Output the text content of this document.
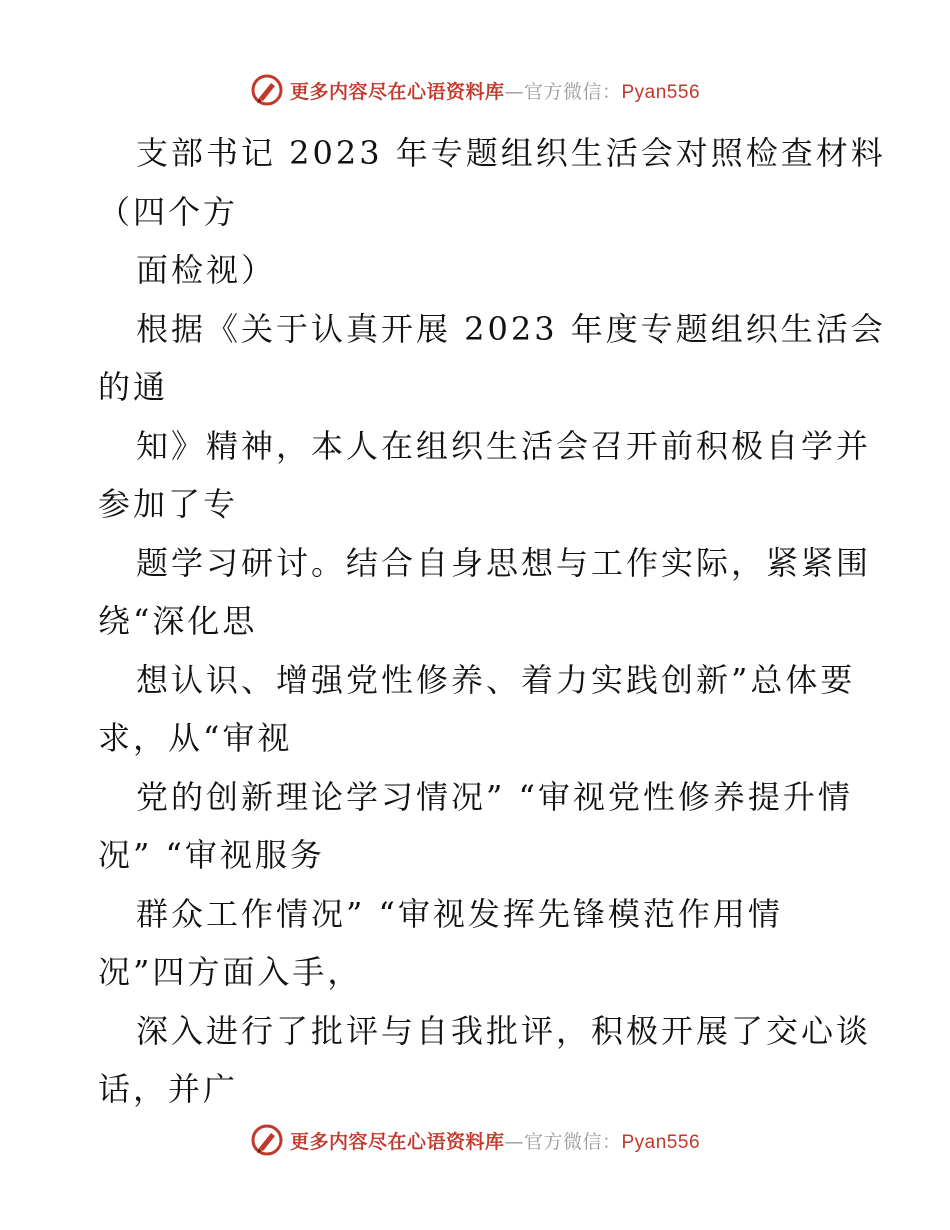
更多内容尽在心语资料库—官方微信：Pyan556
支部书记 2023 年专题组织生活会对照检查材料
（四个方
面检视）
根据《关于认真开展 2023 年度专题组织生活会
的通
知》精神，本人在组织生活会召开前积极自学并
参加了专
题学习研讨。结合自身思想与工作实际，紧紧围
绕“深化思
想认识、增强党性修养、着力实践创新”总体要
求，从“审视
党的创新理论学习情况” “审视党性修养提升情
况” “审视服务
群众工作情况” “审视发挥先锋模范作用情
况”四方面入手，
深入进行了批评与自我批评，积极开展了交心谈
话，并广
更多内容尽在心语资料库—官方微信：Pyan556
